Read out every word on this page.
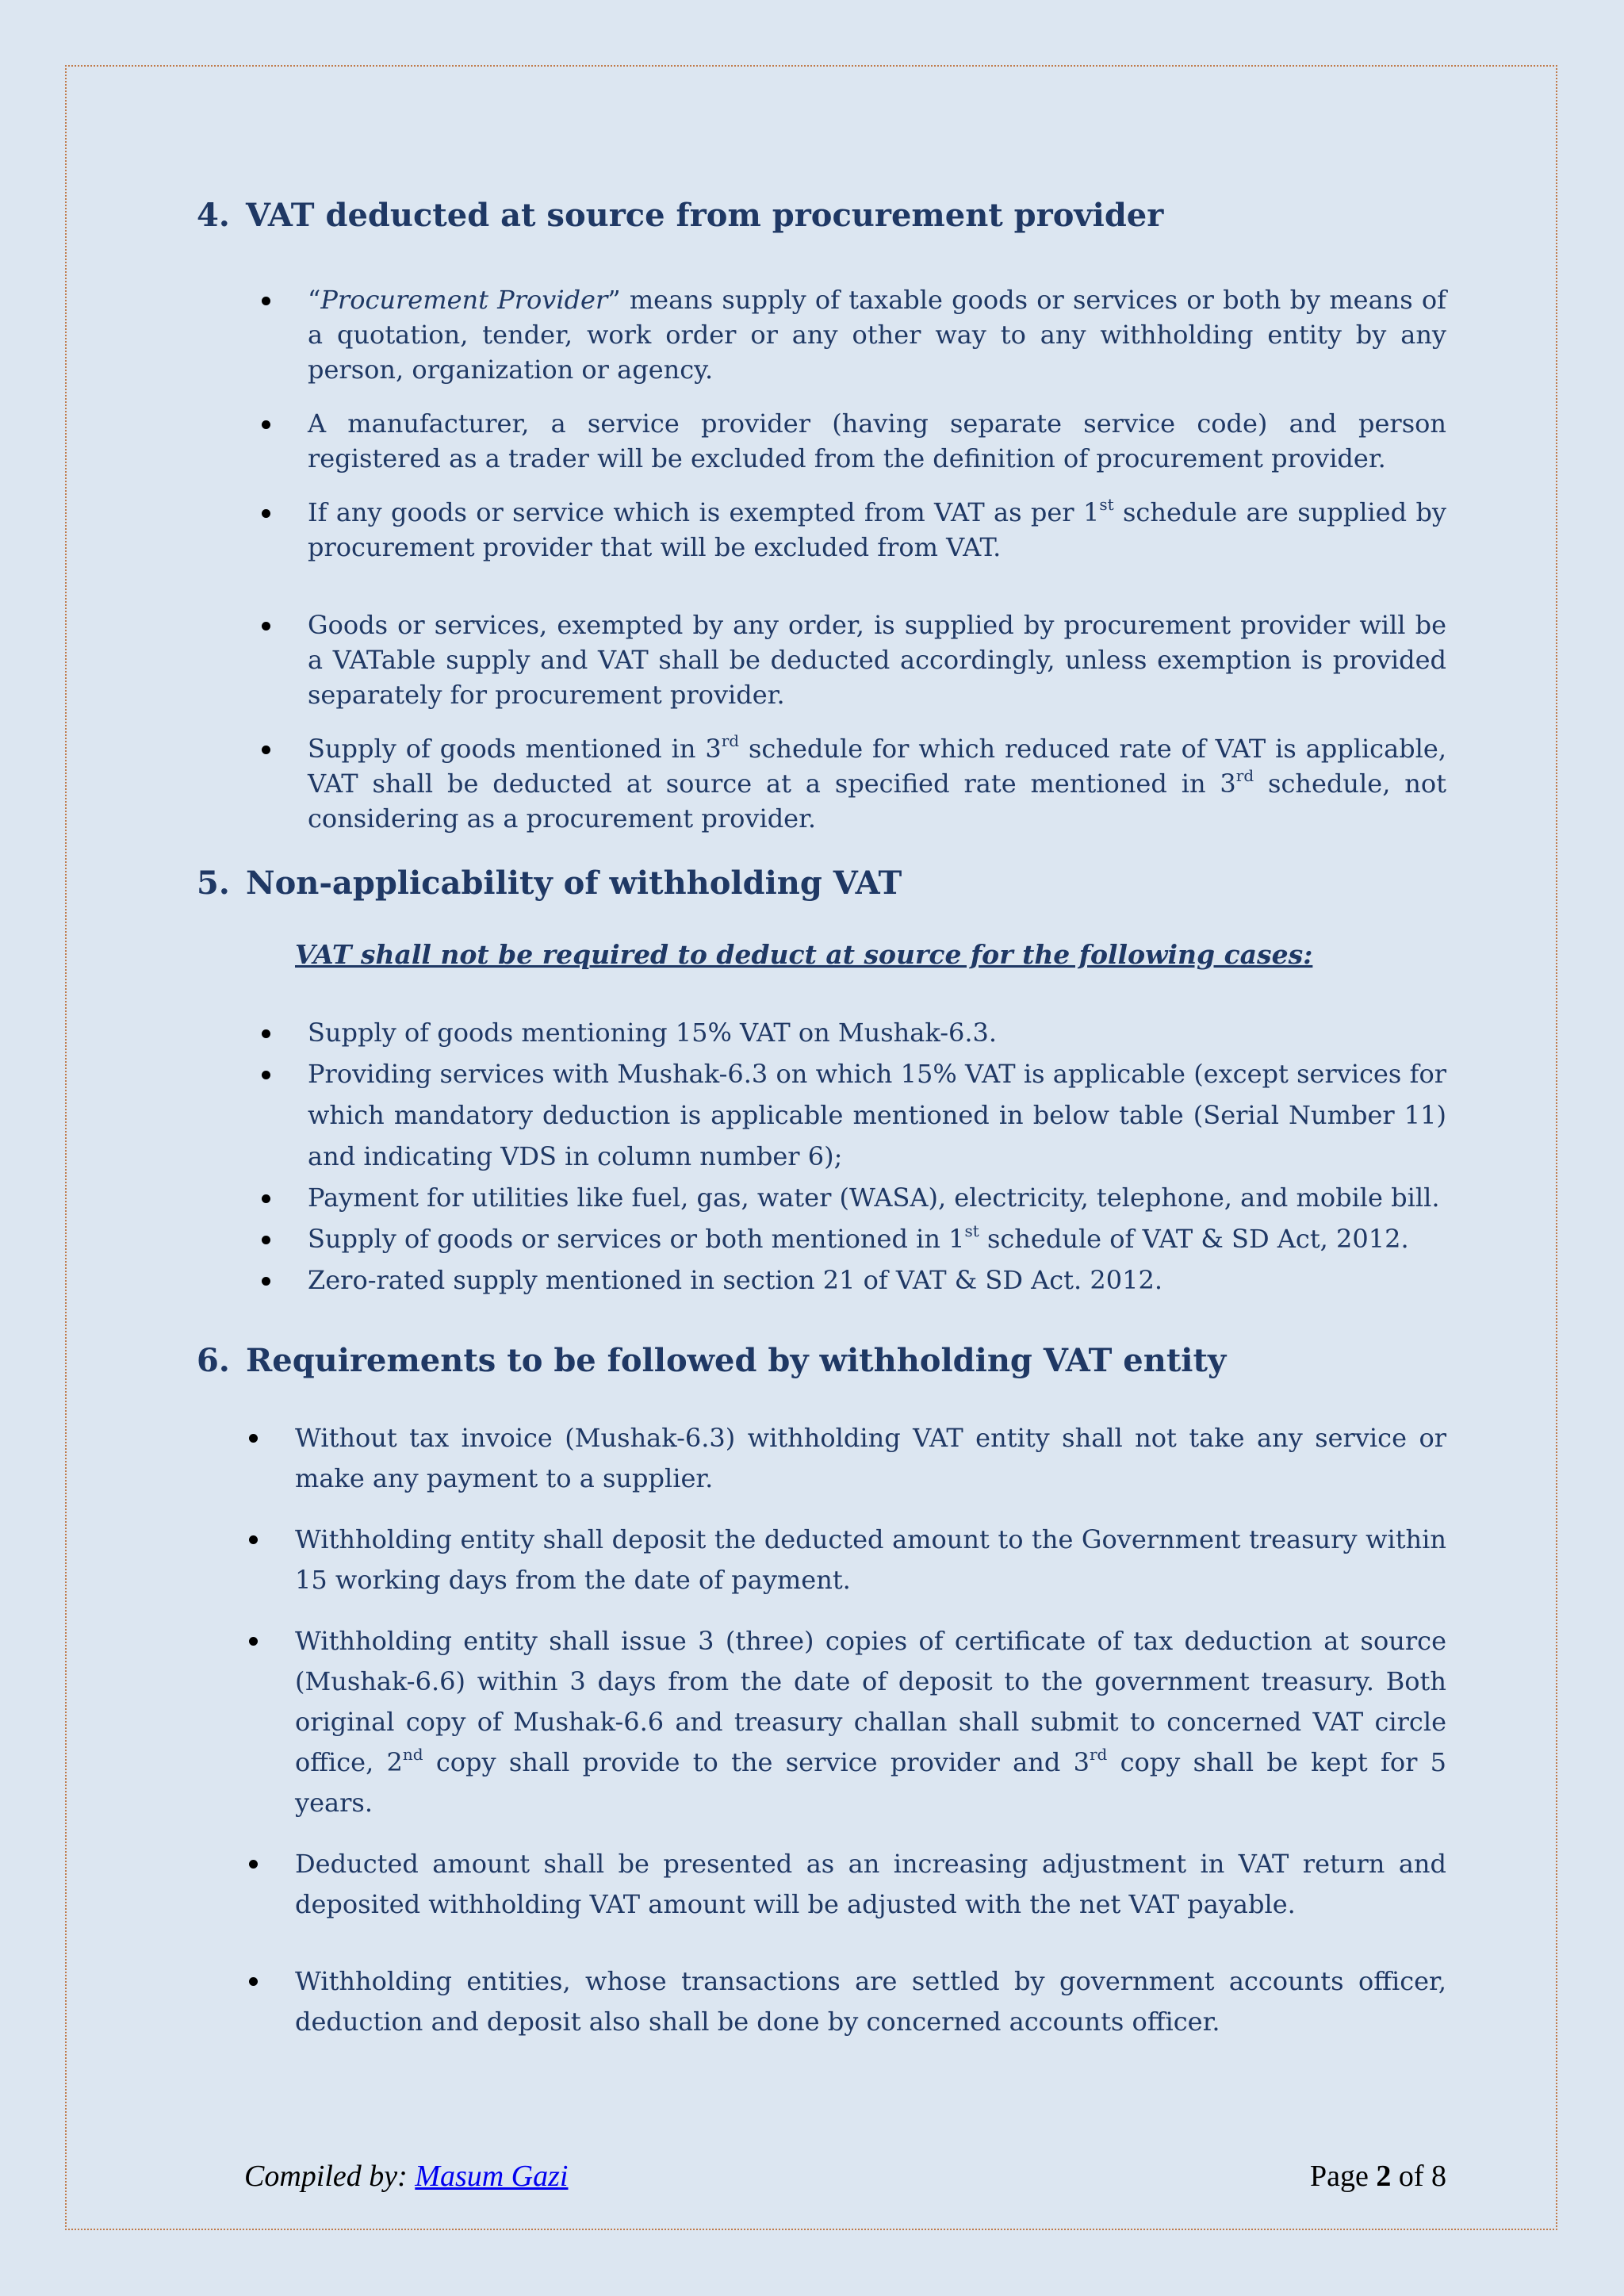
4. VAT deducted at source from procurement provider
“Procurement Provider” means supply of taxable goods or services or both by means of a quotation, tender, work order or any other way to any withholding entity by any person, organization or agency.
A manufacturer, a service provider (having separate service code) and person registered as a trader will be excluded from the definition of procurement provider.
If any goods or service which is exempted from VAT as per 1st schedule are supplied by procurement provider that will be excluded from VAT.
Goods or services, exempted by any order, is supplied by procurement provider will be a VATable supply and VAT shall be deducted accordingly, unless exemption is provided separately for procurement provider.
Supply of goods mentioned in 3rd schedule for which reduced rate of VAT is applicable, VAT shall be deducted at source at a specified rate mentioned in 3rd schedule, not considering as a procurement provider.
5. Non-applicability of withholding VAT

VAT shall not be required to deduct at source for the following cases:

Supply of goods mentioning 15% VAT on Mushak-6.3.
Providing services with Mushak-6.3 on which 15% VAT is applicable (except services for which mandatory deduction is applicable mentioned in below table (Serial Number 11) and indicating VDS in column number 6);
Payment for utilities like fuel, gas, water (WASA), electricity, telephone, and mobile bill.
Supply of goods or services or both mentioned in 1st schedule of VAT & SD Act, 2012.
Zero-rated supply mentioned in section 21 of VAT & SD Act. 2012.
6. Requirements to be followed by withholding VAT entity
Without tax invoice (Mushak-6.3) withholding VAT entity shall not take any service or make any payment to a supplier.
Withholding entity shall deposit the deducted amount to the Government treasury within 15 working days from the date of payment.
Withholding entity shall issue 3 (three) copies of certificate of tax deduction at source (Mushak-6.6) within 3 days from the date of deposit to the government treasury. Both original copy of Mushak-6.6 and treasury challan shall submit to concerned VAT circle office, 2nd copy shall provide to the service provider and 3rd copy shall be kept for 5 years.
Deducted amount shall be presented as an increasing adjustment in VAT return and deposited withholding VAT amount will be adjusted with the net VAT payable.
Withholding entities, whose transactions are settled by government accounts officer, deduction and deposit also shall be done by concerned accounts officer.
Compiled by: Masum Gazi	Page 2 of 8
